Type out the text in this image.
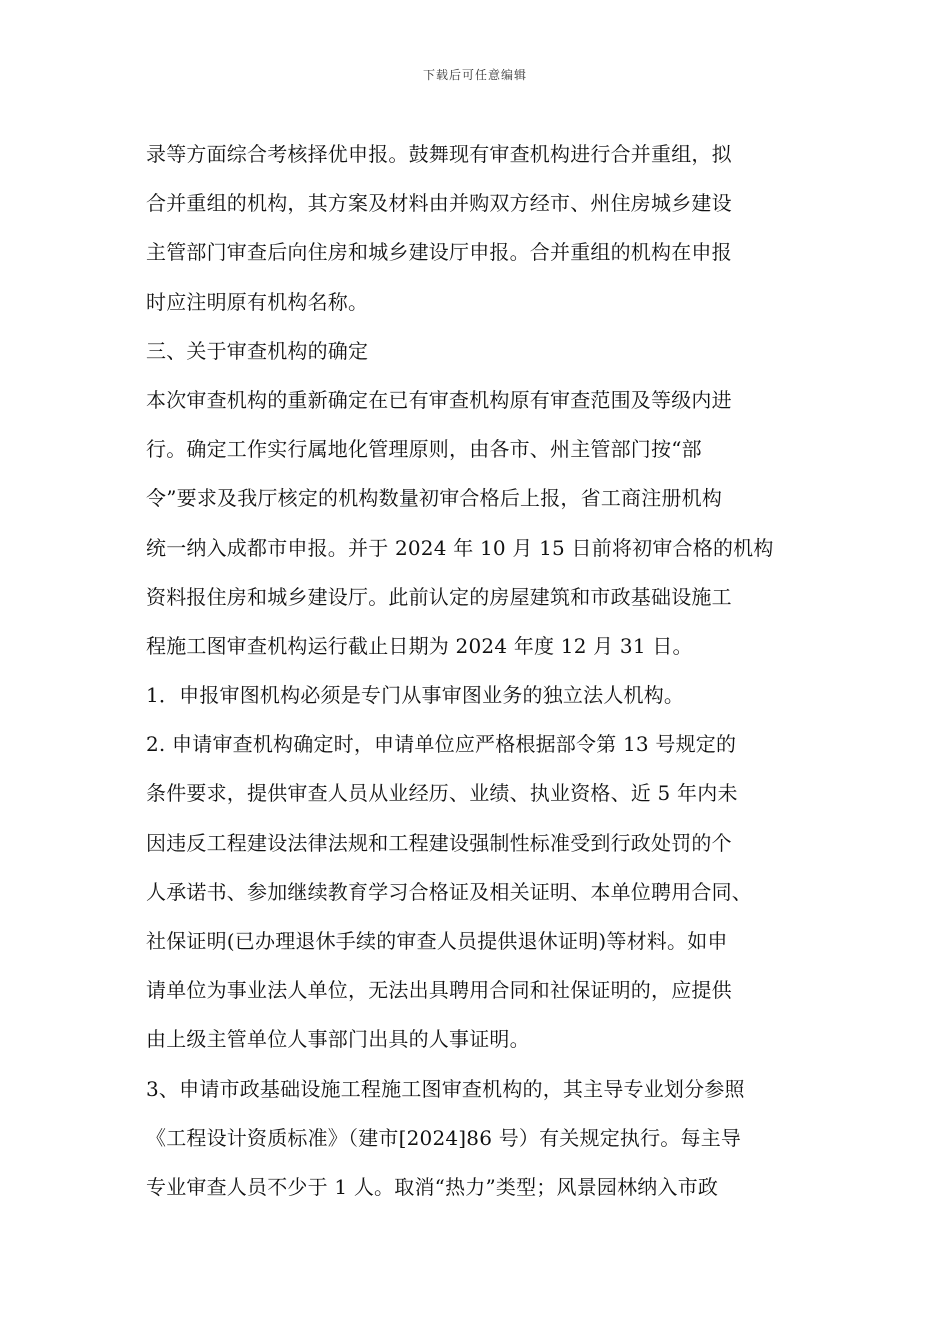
下载后可任意编辑
录等方面综合考核择优申报。鼓舞现有审查机构进行合并重组，拟
合并重组的机构，其方案及材料由并购双方经市、州住房城乡建设
主管部门审查后向住房和城乡建设厅申报。合并重组的机构在申报
时应注明原有机构名称。
三、关于审查机构的确定
本次审查机构的重新确定在已有审查机构原有审查范围及等级内进
行。确定工作实行属地化管理原则，由各市、州主管部门按“部
令”要求及我厅核定的机构数量初审合格后上报，省工商注册机构
统一纳入成都市申报。并于 2024 年 10 月 15 日前将初审合格的机构
资料报住房和城乡建设厅。此前认定的房屋建筑和市政基础设施工
程施工图审查机构运行截止日期为 2024 年度 12 月 31 日。
1．申报审图机构必须是专门从事审图业务的独立法人机构。
2. 申请审查机构确定时，申请单位应严格根据部令第 13 号规定的
条件要求，提供审查人员从业经历、业绩、执业资格、近 5 年内未
因违反工程建设法律法规和工程建设强制性标准受到行政处罚的个
人承诺书、参加继续教育学习合格证及相关证明、本单位聘用合同、
社保证明(已办理退休手续的审查人员提供退休证明)等材料。如申
请单位为事业法人单位，无法出具聘用合同和社保证明的，应提供
由上级主管单位人事部门出具的人事证明。
3、申请市政基础设施工程施工图审查机构的，其主导专业划分参照
《工程设计资质标准》（建市[2024]86 号）有关规定执行。每主导
专业审查人员不少于 1 人。取消“热力”类型；风景园林纳入市政
